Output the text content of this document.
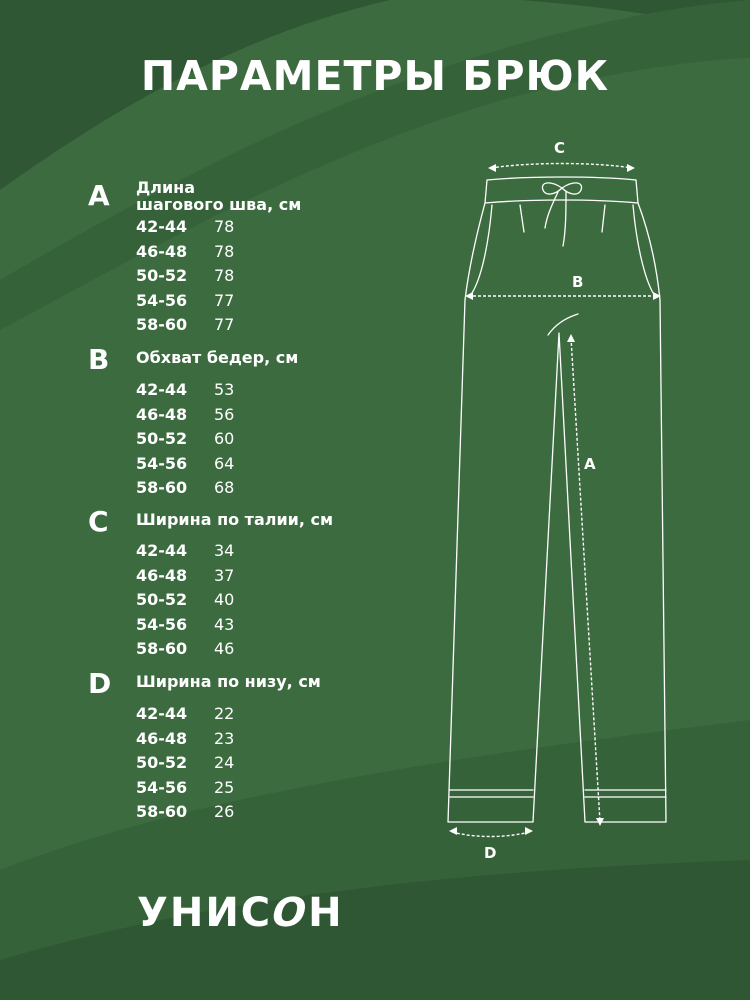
ПАРАМЕТРЫ БРЮК
A Длина
шагового шва, см
42-44	78
46-48	78
50-52	78
54-56	77
58-60	77
B Обхват бедер, см
42-44	53
46-48	56
50-52	60
54-56	64
58-60	68
C Ширина по талии, см
42-44	34
46-48	37
50-52	40
54-56	43
58-60	46
D Ширина по низу, см
42-44	22
46-48	23
50-52	24
54-56	25
58-60	26
C
B
A
D
УНИСОН
